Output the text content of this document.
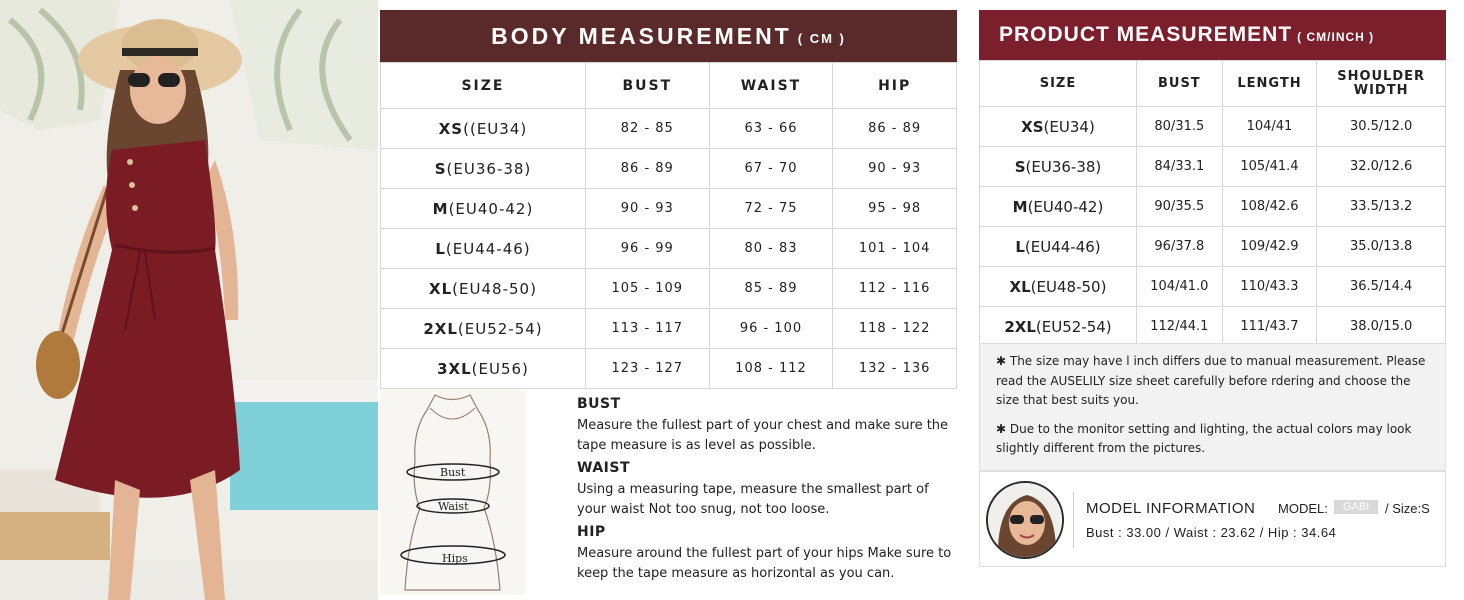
BODY MEASUREMENT ( CM )
SIZE	BUST	WAIST	HIP
XS((EU34)	82 - 85	63 - 66	86 - 89
S(EU36-38)	86 - 89	67 - 70	90 - 93
M(EU40-42)	90 - 93	72 - 75	95 - 98
L(EU44-46)	96 - 99	80 - 83	101 - 104
XL(EU48-50)	105 - 109	85 - 89	112 - 116
2XL(EU52-54)	113 - 117	96 - 100	118 - 122
3XL(EU56)	123 - 127	108 - 112	132 - 136
Bust
Waist
Hips
BUST
Measure the fullest part of your chest and make sure the tape measure is as level as possible.
WAIST
Using a measuring tape, measure the smallest part of your waist Not too snug, not too loose.
HIP
Measure around the fullest part of your hips Make sure to keep the tape measure as horizontal as you can.
PRODUCT MEASUREMENT ( CM/INCH )
SIZE	BUST	LENGTH	SHOULDER
WIDTH
XS(EU34)	80/31.5	104/41	30.5/12.0
S(EU36-38)	84/33.1	105/41.4	32.0/12.6
M(EU40-42)	90/35.5	108/42.6	33.5/13.2
L(EU44-46)	96/37.8	109/42.9	35.0/13.8
XL(EU48-50)	104/41.0	110/43.3	36.5/14.4
2XL(EU52-54)	112/44.1	111/43.7	38.0/15.0

✱ The size may have l inch differs due to manual measurement. Please read the AUSELILY size sheet carefully before rdering and choose the size that best suits you.

✱ Due to the monitor setting and lighting, the actual colors may look slightly different from the pictures.

MODEL INFORMATION MODEL:	GABI	/ Size:S
Bust : 33.00 / Waist : 23.62 / Hip : 34.64
